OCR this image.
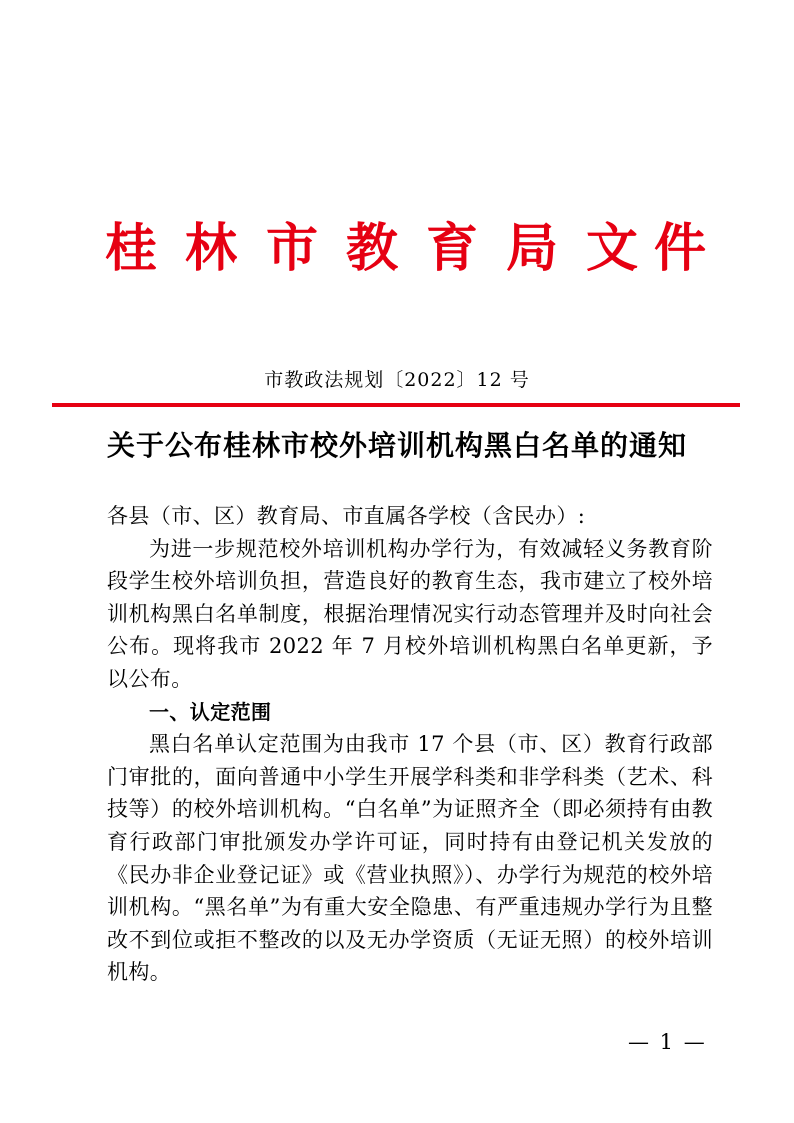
桂 林 市 教 育 局 文 件
市教政法规划〔2022〕12 号
关于公布桂林市校外培训机构黑白名单的通知

各县（市、区）教育局、市直属各学校（含民办）:

为进一步规范校外培训机构办学行为，有效减轻义务教育阶段学生校外培训负担，营造良好的教育生态，我市建立了校外培训机构黑白名单制度，根据治理情况实行动态管理并及时向社会公布。现将我市 2022 年 7 月校外培训机构黑白名单更新，予以公布。

一、认定范围

黑白名单认定范围为由我市 17 个县（市、区）教育行政部门审批的，面向普通中小学生开展学科类和非学科类（艺术、科技等）的校外培训机构。“白名单”为证照齐全（即必须持有由教育行政部门审批颁发办学许可证，同时持有由登记机关发放的《民办非企业登记证》或《营业执照》）、办学行为规范的校外培训机构。“黑名单”为有重大安全隐患、有严重违规办学行为且整改不到位或拒不整改的以及无办学资质（无证无照）的校外培训机构。

— 1 —
